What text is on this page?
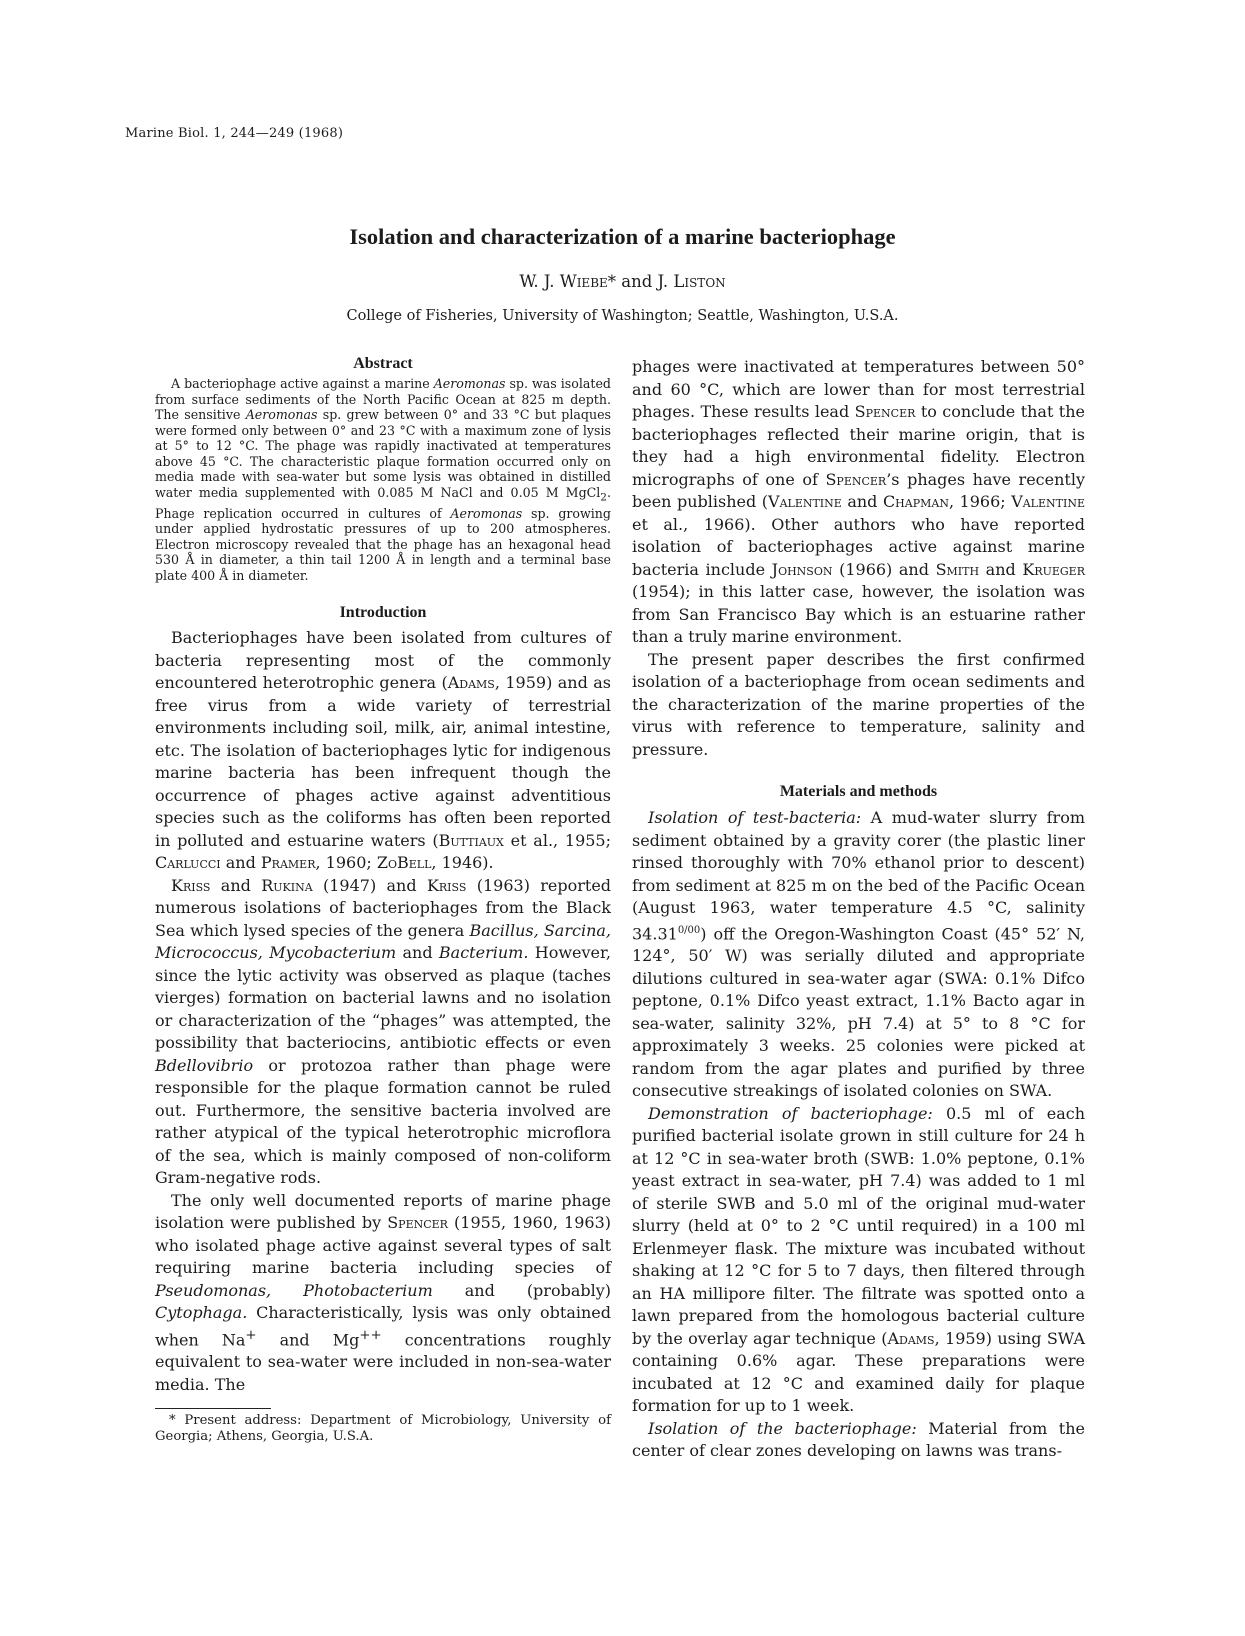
Marine Biol. 1, 244—249 (1968)
Isolation and characterization of a marine bacteriophage
W. J. Wiebe* and J. Liston
College of Fisheries, University of Washington; Seattle, Washington, U.S.A.
Abstract

A bacteriophage active against a marine Aeromonas sp. was isolated from surface sediments of the North Pacific Ocean at 825 m depth. The sensitive Aeromonas sp. grew between 0° and 33 °C but plaques were formed only between 0° and 23 °C with a maximum zone of lysis at 5° to 12 °C. The phage was rapidly inactivated at temperatures above 45 °C. The characteristic plaque formation occurred only on media made with sea-water but some lysis was obtained in distilled water media supplemented with 0.085 M NaCl and 0.05 M MgCl$_2$. Phage replication occurred in cultures of Aeromonas sp. growing under applied hydrostatic pressures of up to 200 atmospheres. Electron microscopy revealed that the phage has an hexagonal head 530 Å in diameter, a thin tail 1200 Å in length and a terminal base plate 400 Å in diameter.

Introduction

Bacteriophages have been isolated from cultures of bacteria representing most of the commonly encountered heterotrophic genera (Adams, 1959) and as free virus from a wide variety of terrestrial environments including soil, milk, air, animal intestine, etc. The isolation of bacteriophages lytic for indigenous marine bacteria has been infrequent though the occurrence of phages active against adventitious species such as the coliforms has often been reported in polluted and estuarine waters (Buttiaux et al., 1955; Carlucci and Pramer, 1960; ZoBell, 1946).

Kriss and Rukina (1947) and Kriss (1963) reported numerous isolations of bacteriophages from the Black Sea which lysed species of the genera Bacillus, Sarcina, Micrococcus, Mycobacterium and Bacterium. However, since the lytic activity was observed as plaque (taches vierges) formation on bacterial lawns and no isolation or characterization of the “phages” was attempted, the possibility that bacteriocins, antibiotic effects or even Bdellovibrio or protozoa rather than phage were responsible for the plaque formation cannot be ruled out. Furthermore, the sensitive bacteria involved are rather atypical of the typical heterotrophic microflora of the sea, which is mainly composed of non-coliform Gram-negative rods.

The only well documented reports of marine phage isolation were published by Spencer (1955, 1960, 1963) who isolated phage active against several types of salt requiring marine bacteria including species of Pseudomonas, Photobacterium and (probably) Cytophaga. Characteristically, lysis was only obtained when Na+ and Mg++ concentrations roughly equivalent to sea-water were included in non-sea-water media. The

* Present address: Department of Microbiology, University of Georgia; Athens, Georgia, U.S.A.

phages were inactivated at temperatures between 50° and 60 °C, which are lower than for most terrestrial phages. These results lead Spencer to conclude that the bacteriophages reflected their marine origin, that is they had a high environmental fidelity. Electron micrographs of one of Spencer’s phages have recently been published (Valentine and Chapman, 1966; Valentine et al., 1966). Other authors who have reported isolation of bacteriophages active against marine bacteria include Johnson (1966) and Smith and Krueger (1954); in this latter case, however, the isolation was from San Francisco Bay which is an estuarine rather than a truly marine environment.

The present paper describes the first confirmed isolation of a bacteriophage from ocean sediments and the characterization of the marine properties of the virus with reference to temperature, salinity and pressure.

Materials and methods

Isolation of test-bacteria: A mud-water slurry from sediment obtained by a gravity corer (the plastic liner rinsed thoroughly with 70% ethanol prior to descent) from sediment at 825 m on the bed of the Pacific Ocean (August 1963, water temperature 4.5 °C, salinity $34.31^{0/00}$) off the Oregon-Washington Coast (45° 52′ N, 124°, 50′ W) was serially diluted and appropriate dilutions cultured in sea-water agar (SWA: 0.1% Difco peptone, 0.1% Difco yeast extract, 1.1% Bacto agar in sea-water, salinity 32%, pH 7.4) at 5° to 8 °C for approximately 3 weeks. 25 colonies were picked at random from the agar plates and purified by three consecutive streakings of isolated colonies on SWA.

Demonstration of bacteriophage: 0.5 ml of each purified bacterial isolate grown in still culture for 24 h at 12 °C in sea-water broth (SWB: 1.0% peptone, 0.1% yeast extract in sea-water, pH 7.4) was added to 1 ml of sterile SWB and 5.0 ml of the original mud-water slurry (held at 0° to 2 °C until required) in a 100 ml Erlenmeyer flask. The mixture was incubated without shaking at 12 °C for 5 to 7 days, then filtered through an HA millipore filter. The filtrate was spotted onto a lawn prepared from the homologous bacterial culture by the overlay agar technique (Adams, 1959) using SWA containing 0.6% agar. These preparations were incubated at 12 °C and examined daily for plaque formation for up to 1 week.

Isolation of the bacteriophage: Material from the center of clear zones developing on lawns was trans-
